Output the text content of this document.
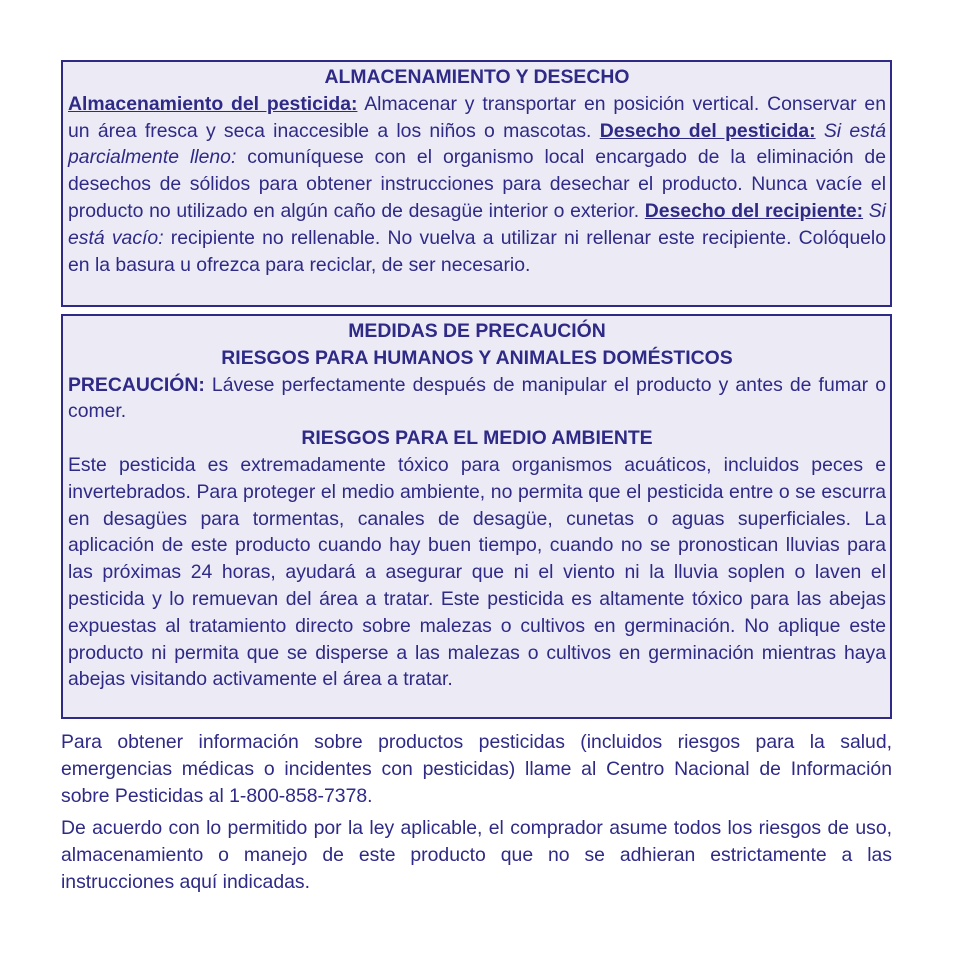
ALMACENAMIENTO Y DESECHO

Almacenamiento del pesticida: Almacenar y transportar en posición vertical. Conservar en un área fresca y seca inaccesible a los niños o mascotas. Desecho del pesticida: Si está parcialmente lleno: comuníquese con el organismo local encargado de la eliminación de desechos de sólidos para obtener instrucciones para desechar el producto. Nunca vacíe el producto no utilizado en algún caño de desagüe interior o exterior. Desecho del recipiente: Si está vacío: recipiente no rellenable. No vuelva a utilizar ni rellenar este recipiente. Colóquelo en la basura u ofrezca para reciclar, de ser necesario.

MEDIDAS DE PRECAUCIÓN
RIESGOS PARA HUMANOS Y ANIMALES DOMÉSTICOS

PRECAUCIÓN: Lávese perfectamente después de manipular el producto y antes de fumar o comer.

RIESGOS PARA EL MEDIO AMBIENTE

Este pesticida es extremadamente tóxico para organismos acuáticos, incluidos peces e invertebrados. Para proteger el medio ambiente, no permita que el pesticida entre o se escurra en desagües para tormentas, canales de desagüe, cunetas o aguas superficiales. La aplicación de este producto cuando hay buen tiempo, cuando no se pronostican lluvias para las próximas 24 horas, ayudará a asegurar que ni el viento ni la lluvia soplen o laven el pesticida y lo remuevan del área a tratar. Este pesticida es altamente tóxico para las abejas expuestas al tratamiento directo sobre malezas o cultivos en germinación. No aplique este producto ni permita que se disperse a las malezas o cultivos en germinación mientras haya abejas visitando activamente el área a tratar.

Para obtener información sobre productos pesticidas (incluidos riesgos para la salud, emergencias médicas o incidentes con pesticidas) llame al Centro Nacional de Información sobre Pesticidas al 1-800-858-7378.

De acuerdo con lo permitido por la ley aplicable, el comprador asume todos los riesgos de uso, almacenamiento o manejo de este producto que no se adhieran estrictamente a las instrucciones aquí indicadas.
